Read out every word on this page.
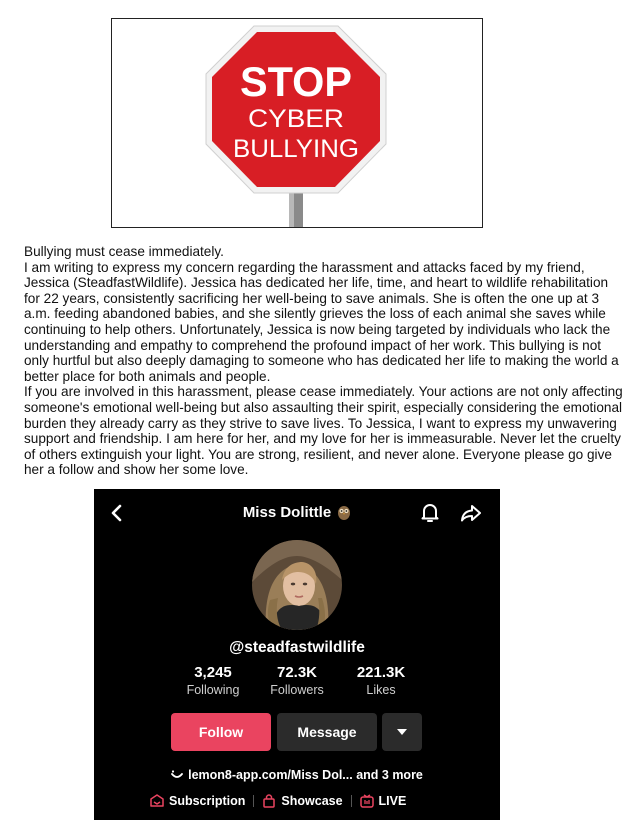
STOP
CYBER
BULLYING

Bullying must cease immediately.

I am writing to express my concern regarding the harassment and attacks faced by my friend, Jessica (SteadfastWildlife). Jessica has dedicated her life, time, and heart to wildlife rehabilitation for 22 years, consistently sacrificing her well-being to save animals. She is often the one up at 3 a.m. feeding abandoned babies, and she silently grieves the loss of each animal she saves while continuing to help others. Unfortunately, Jessica is now being targeted by individuals who lack the understanding and empathy to comprehend the profound impact of her work. This bullying is not only hurtful but also deeply damaging to someone who has dedicated her life to making the world a better place for both animals and people.

If you are involved in this harassment, please cease immediately. Your actions are not only affecting someone's emotional well-being but also assaulting their spirit, especially considering the emotional burden they already carry as they strive to save lives. To Jessica, I want to express my unwavering support and friendship. I am here for her, and my love for her is immeasurable. Never let the cruelty of others extinguish your light. You are strong, resilient, and never alone. Everyone please go give her a follow and show her some love.

Miss Dolittle
@steadfastwildlife
3,245
Following
72.3K
Followers
221.3K
Likes
Follow	Message
lemon8-app.com/Miss Dol... and 3 more
Subscription	Showcase	LIVE
